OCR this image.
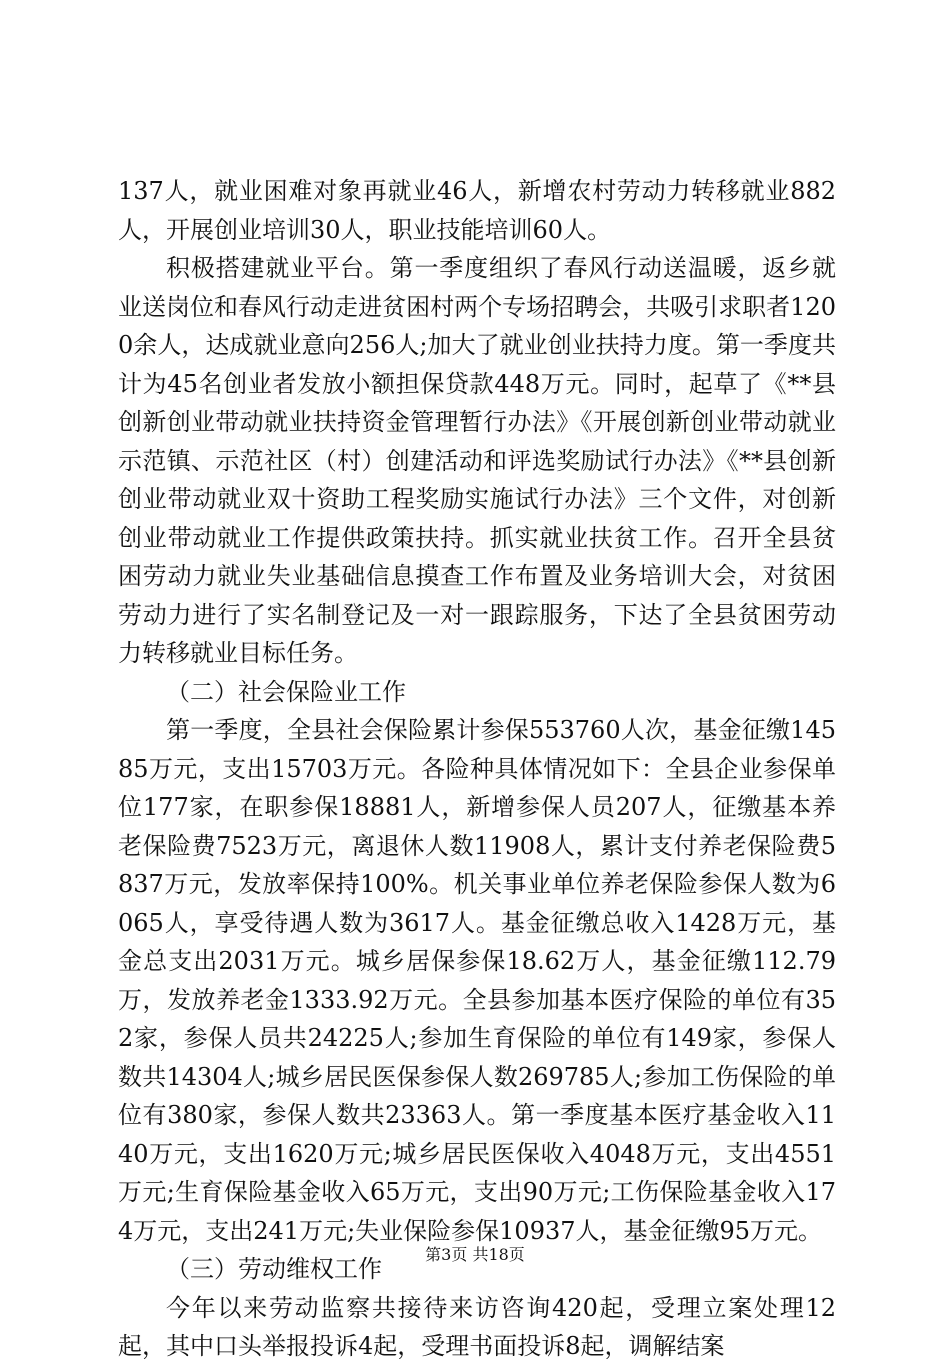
137人，就业困难对象再就业46人，新增农村劳动力转移就业882人，开展创业培训30人，职业技能培训60人。

积极搭建就业平台。第一季度组织了春风行动送温暖，返乡就业送岗位和春风行动走进贫困村两个专场招聘会，共吸引求职者1200余人，达成就业意向256人;加大了就业创业扶持力度。第一季度共计为45名创业者发放小额担保贷款448万元。同时，起草了《**县创新创业带动就业扶持资金管理暂行办法》《开展创新创业带动就业示范镇、示范社区（村）创建活动和评选奖励试行办法》《**县创新创业带动就业双十资助工程奖励实施试行办法》三个文件，对创新创业带动就业工作提供政策扶持。抓实就业扶贫工作。召开全县贫困劳动力就业失业基础信息摸查工作布置及业务培训大会，对贫困劳动力进行了实名制登记及一对一跟踪服务，下达了全县贫困劳动力转移就业目标任务。

（二）社会保险业工作

第一季度，全县社会保险累计参保553760人次，基金征缴14585万元，支出15703万元。各险种具体情况如下：全县企业参保单位177家，在职参保18881人，新增参保人员207人，征缴基本养老保险费7523万元，离退休人数11908人，累计支付养老保险费5837万元，发放率保持100%。机关事业单位养老保险参保人数为6065人，享受待遇人数为3617人。基金征缴总收入1428万元，基金总支出2031万元。城乡居保参保18.62万人，基金征缴112.79万，发放养老金1333.92万元。全县参加基本医疗保险的单位有352家，参保人员共24225人;参加生育保险的单位有149家，参保人数共14304人;城乡居民医保参保人数269785人;参加工伤保险的单位有380家，参保人数共23363人。第一季度基本医疗基金收入1140万元，支出1620万元;城乡居民医保收入4048万元，支出4551万元;生育保险基金收入65万元，支出90万元;工伤保险基金收入174万元，支出241万元;失业保险参保10937人，基金征缴95万元。

（三）劳动维权工作

今年以来劳动监察共接待来访咨询420起，受理立案处理12起，其中口头举报投诉4起，受理书面投诉8起，调解结案

第3页 共18页
